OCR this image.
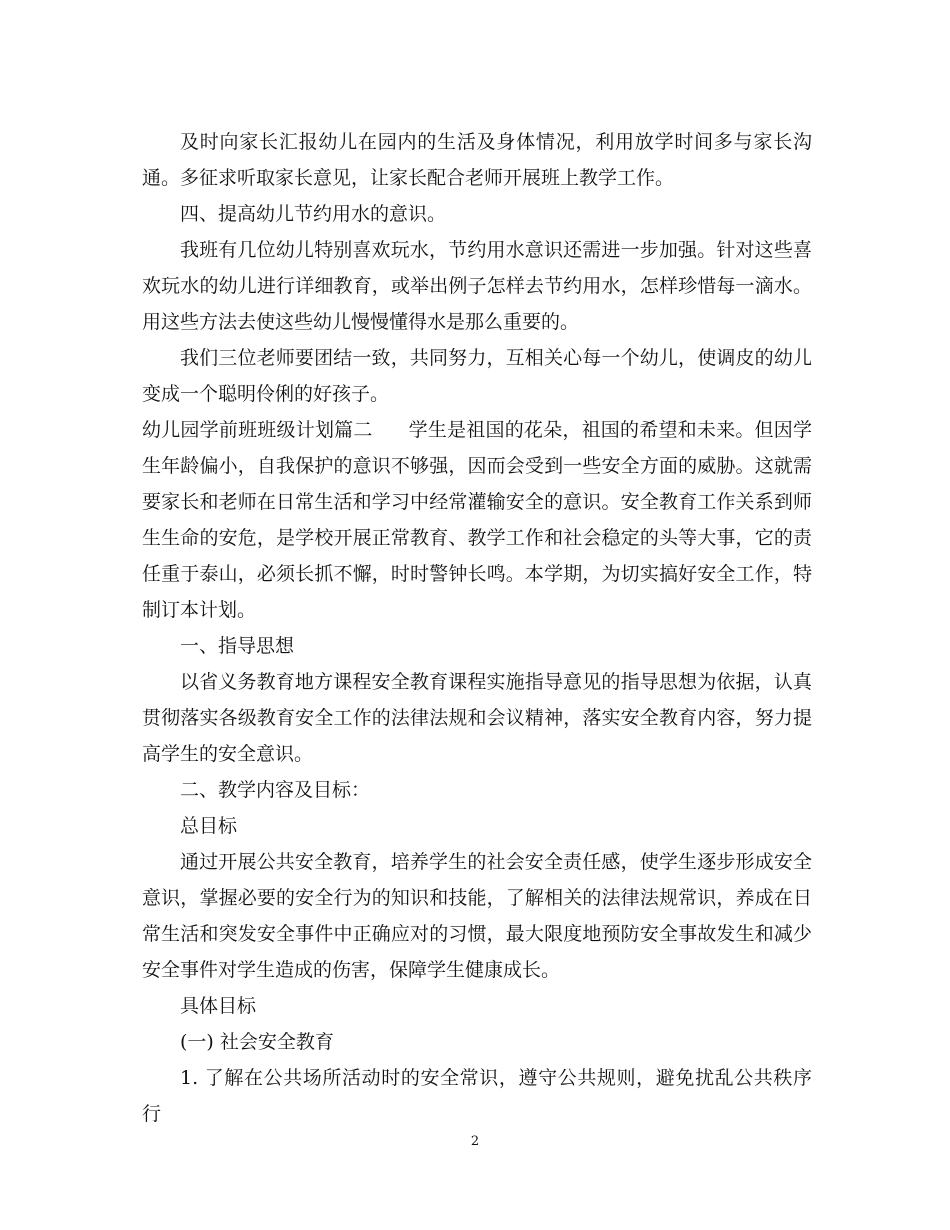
及时向家长汇报幼儿在园内的生活及身体情况，利用放学时间多与家长沟通。多征求听取家长意见，让家长配合老师开展班上教学工作。

四、提高幼儿节约用水的意识。

我班有几位幼儿特别喜欢玩水，节约用水意识还需进一步加强。针对这些喜欢玩水的幼儿进行详细教育，或举出例子怎样去节约用水，怎样珍惜每一滴水。用这些方法去使这些幼儿慢慢懂得水是那么重要的。

我们三位老师要团结一致，共同努力，互相关心每一个幼儿，使调皮的幼儿变成一个聪明伶俐的好孩子。

幼儿园学前班班级计划篇二 学生是祖国的花朵，祖国的希望和未来。但因学生年龄偏小，自我保护的意识不够强，因而会受到一些安全方面的威胁。这就需要家长和老师在日常生活和学习中经常灌输安全的意识。安全教育工作关系到师生生命的安危，是学校开展正常教育、教学工作和社会稳定的头等大事，它的责任重于泰山，必须长抓不懈，时时警钟长鸣。本学期，为切实搞好安全工作，特制订本计划。

一、指导思想

以省义务教育地方课程安全教育课程实施指导意见的指导思想为依据，认真贯彻落实各级教育安全工作的法律法规和会议精神，落实安全教育内容，努力提高学生的安全意识。

二、教学内容及目标：

总目标

通过开展公共安全教育，培养学生的社会安全责任感，使学生逐步形成安全意识，掌握必要的安全行为的知识和技能，了解相关的法律法规常识，养成在日常生活和突发安全事件中正确应对的习惯，最大限度地预防安全事故发生和减少安全事件对学生造成的伤害，保障学生健康成长。

具体目标

(一) 社会安全教育

1. 了解在公共场所活动时的安全常识，遵守公共规则，避免扰乱公共秩序行

2
